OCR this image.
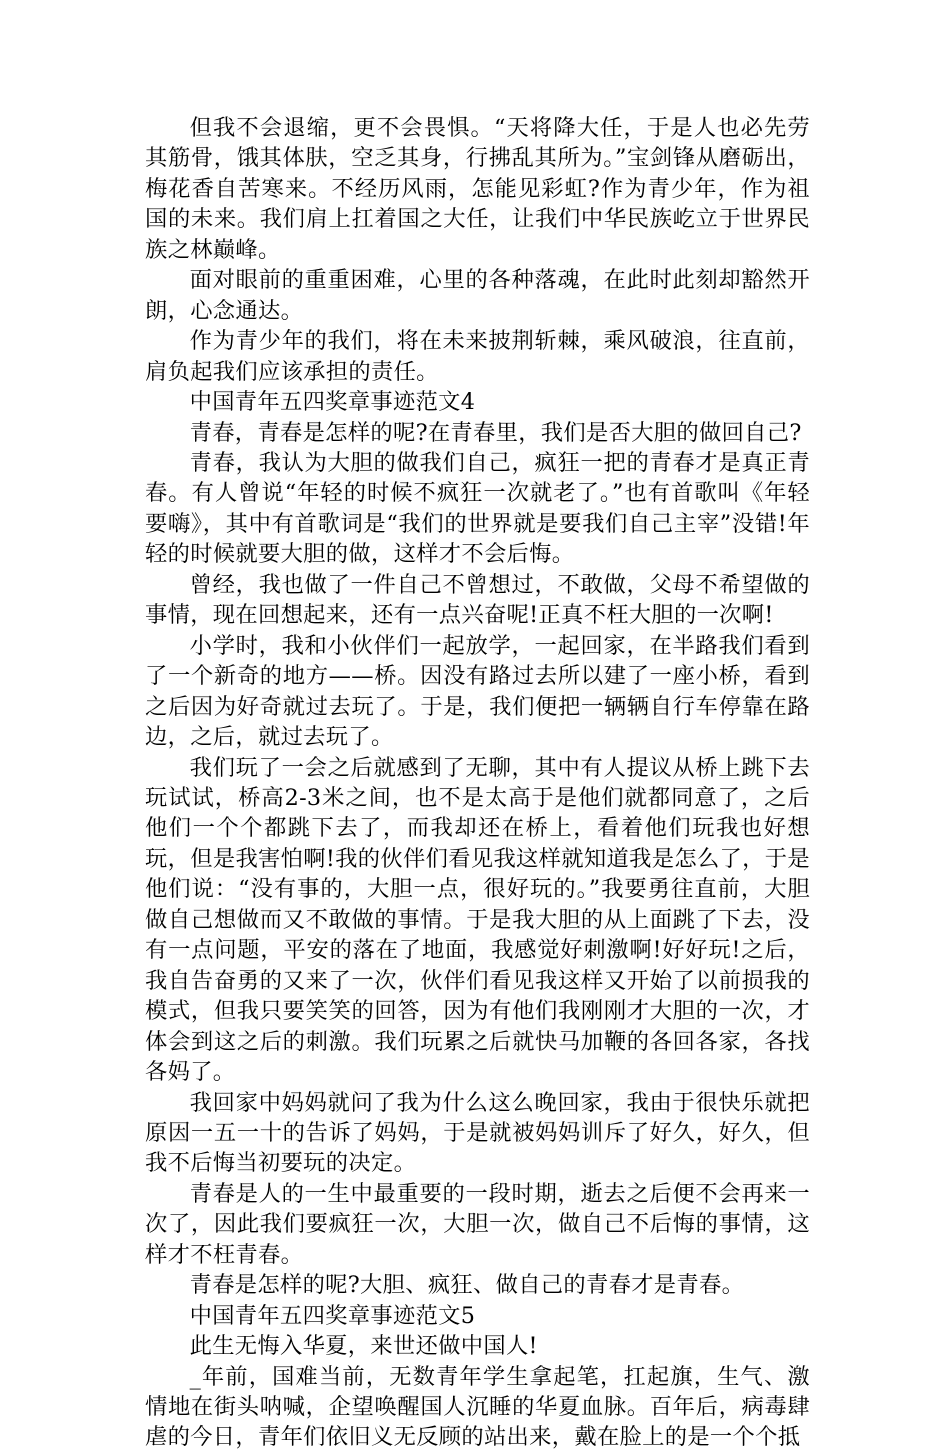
但我不会退缩，更不会畏惧。“天将降大任，于是人也必先劳其筋骨，饿其体肤，空乏其身，行拂乱其所为。”宝剑锋从磨砺出，梅花香自苦寒来。不经历风雨，怎能见彩虹?作为青少年，作为祖国的未来。我们肩上扛着国之大任，让我们中华民族屹立于世界民族之林巅峰。

面对眼前的重重困难，心里的各种落魂，在此时此刻却豁然开朗，心念通达。

作为青少年的我们，将在未来披荆斩棘，乘风破浪，往直前，肩负起我们应该承担的责任。

中国青年五四奖章事迹范文4

青春，青春是怎样的呢?在青春里，我们是否大胆的做回自己?

青春，我认为大胆的做我们自己，疯狂一把的青春才是真正青春。有人曾说“年轻的时候不疯狂一次就老了。”也有首歌叫《年轻要嗨》，其中有首歌词是“我们的世界就是要我们自己主宰”没错!年轻的时候就要大胆的做，这样才不会后悔。

曾经，我也做了一件自己不曾想过，不敢做，父母不希望做的事情，现在回想起来，还有一点兴奋呢!正真不枉大胆的一次啊!

小学时，我和小伙伴们一起放学，一起回家，在半路我们看到了一个新奇的地方——桥。因没有路过去所以建了一座小桥，看到之后因为好奇就过去玩了。于是，我们便把一辆辆自行车停靠在路边，之后，就过去玩了。

我们玩了一会之后就感到了无聊，其中有人提议从桥上跳下去玩试试，桥高2-3米之间，也不是太高于是他们就都同意了，之后他们一个个都跳下去了，而我却还在桥上，看着他们玩我也好想玩，但是我害怕啊!我的伙伴们看见我这样就知道我是怎么了，于是他们说：“没有事的，大胆一点，很好玩的。”我要勇往直前，大胆做自己想做而又不敢做的事情。于是我大胆的从上面跳了下去，没有一点问题，平安的落在了地面，我感觉好刺激啊!好好玩!之后，我自告奋勇的又来了一次，伙伴们看见我这样又开始了以前损我的模式，但我只要笑笑的回答，因为有他们我刚刚才大胆的一次，才体会到这之后的刺激。我们玩累之后就快马加鞭的各回各家，各找各妈了。

我回家中妈妈就问了我为什么这么晚回家，我由于很快乐就把原因一五一十的告诉了妈妈，于是就被妈妈训斥了好久，好久，但我不后悔当初要玩的决定。

青春是人的一生中最重要的一段时期，逝去之后便不会再来一次了，因此我们要疯狂一次，大胆一次，做自己不后悔的事情，这样才不枉青春。

青春是怎样的呢?大胆、疯狂、做自己的青春才是青春。

中国青年五四奖章事迹范文5

此生无悔入华夏，来世还做中国人!

_年前，国难当前，无数青年学生拿起笔，扛起旗，生气、激情地在街头呐喊，企望唤醒国人沉睡的华夏血脉。百年后，病毒肆虐的今日，青年们依旧义无反顾的站出来，戴在脸上的是一个个抵
